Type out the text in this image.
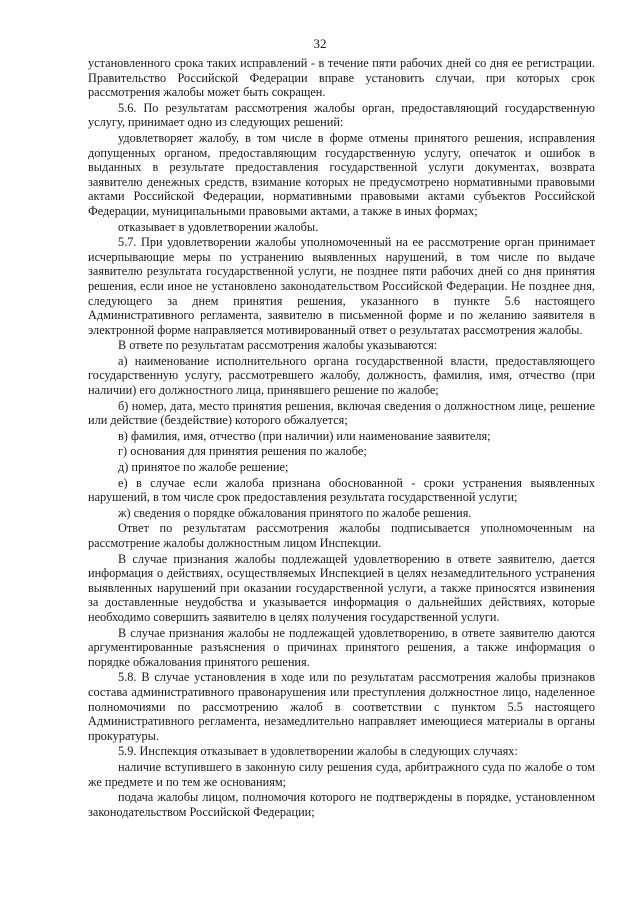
32

установленного срока таких исправлений - в течение пяти рабочих дней со дня ее регистрации. Правительство Российской Федерации вправе установить случаи, при которых срок рассмотрения жалобы может быть сокращен.

5.6. По результатам рассмотрения жалобы орган, предоставляющий государственную услугу, принимает одно из следующих решений:

удовлетворяет жалобу, в том числе в форме отмены принятого решения, исправления допущенных органом, предоставляющим государственную услугу, опечаток и ошибок в выданных в результате предоставления государственной услуги документах, возврата заявителю денежных средств, взимание которых не предусмотрено нормативными правовыми актами Российской Федерации, нормативными правовыми актами субъектов Российской Федерации, муниципальными правовыми актами, а также в иных формах;

отказывает в удовлетворении жалобы.

5.7. При удовлетворении жалобы уполномоченный на ее рассмотрение орган принимает исчерпывающие меры по устранению выявленных нарушений, в том числе по выдаче заявителю результата государственной услуги, не позднее пяти рабочих дней со дня принятия решения, если иное не установлено законодательством Российской Федерации. Не позднее дня, следующего за днем принятия решения, указанного в пункте 5.6 настоящего Административного регламента, заявителю в письменной форме и по желанию заявителя в электронной форме направляется мотивированный ответ о результатах рассмотрения жалобы.

В ответе по результатам рассмотрения жалобы указываются:

а) наименование исполнительного органа государственной власти, предоставляющего государственную услугу, рассмотревшего жалобу, должность, фамилия, имя, отчество (при наличии) его должностного лица, принявшего решение по жалобе;

б) номер, дата, место принятия решения, включая сведения о должностном лице, решение или действие (бездействие) которого обжалуется;

в) фамилия, имя, отчество (при наличии) или наименование заявителя;

г) основания для принятия решения по жалобе;

д) принятое по жалобе решение;

е) в случае если жалоба признана обоснованной - сроки устранения выявленных нарушений, в том числе срок предоставления результата государственной услуги;

ж) сведения о порядке обжалования принятого по жалобе решения.

Ответ по результатам рассмотрения жалобы подписывается уполномоченным на рассмотрение жалобы должностным лицом Инспекции.

В случае признания жалобы подлежащей удовлетворению в ответе заявителю, дается информация о действиях, осуществляемых Инспекцией в целях незамедлительного устранения выявленных нарушений при оказании государственной услуги, а также приносятся извинения за доставленные неудобства и указывается информация о дальнейших действиях, которые необходимо совершить заявителю в целях получения государственной услуги.

В случае признания жалобы не подлежащей удовлетворению, в ответе заявителю даются аргументированные разъяснения о причинах принятого решения, а также информация о порядке обжалования принятого решения.

5.8. В случае установления в ходе или по результатам рассмотрения жалобы признаков состава административного правонарушения или преступления должностное лицо, наделенное полномочиями по рассмотрению жалоб в соответствии с пунктом 5.5 настоящего Административного регламента, незамедлительно направляет имеющиеся материалы в органы прокуратуры.

5.9. Инспекция отказывает в удовлетворении жалобы в следующих случаях:

наличие вступившего в законную силу решения суда, арбитражного суда по жалобе о том же предмете и по тем же основаниям;

подача жалобы лицом, полномочия которого не подтверждены в порядке, установленном законодательством Российской Федерации;
